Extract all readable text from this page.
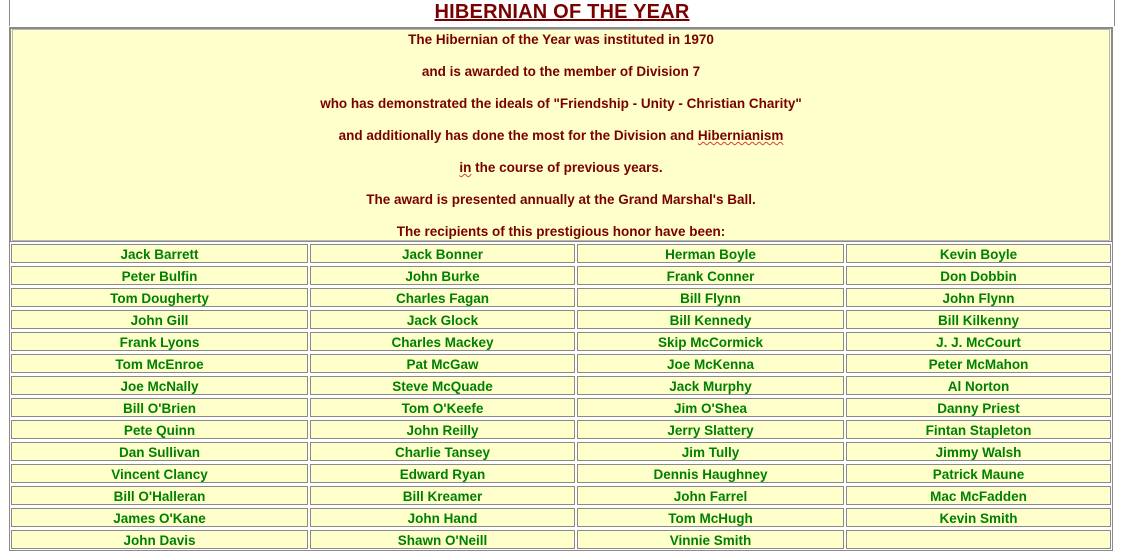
HIBERNIAN OF THE YEAR

The Hibernian of the Year was instituted in 1970

and is awarded to the member of Division 7

who has demonstrated the ideals of "Friendship - Unity - Christian Charity"

and additionally has done the most for the Division and Hibernianism

in the course of previous years.

The award is presented annually at the Grand Marshal's Ball.

The recipients of this prestigious honor have been:

Jack Barrett	Jack Bonner	Herman Boyle	Kevin Boyle
Peter Bulfin	John Burke	Frank Conner	Don Dobbin
Tom Dougherty	Charles Fagan	Bill Flynn	John Flynn
John Gill	Jack Glock	Bill Kennedy	Bill Kilkenny
Frank Lyons	Charles Mackey	Skip McCormick	J. J. McCourt
Tom McEnroe	Pat McGaw	Joe McKenna	Peter McMahon
Joe McNally	Steve McQuade	Jack Murphy	Al Norton
Bill O'Brien	Tom O'Keefe	Jim O'Shea	Danny Priest
Pete Quinn	John Reilly	Jerry Slattery	Fintan Stapleton
Dan Sullivan	Charlie Tansey	Jim Tully	Jimmy Walsh
Vincent Clancy	Edward Ryan	Dennis Haughney	Patrick Maune
Bill O'Halleran	Bill Kreamer	John Farrel	Mac McFadden
James O'Kane	John Hand	Tom McHugh	Kevin Smith
John Davis	Shawn O'Neill	Vinnie Smith
